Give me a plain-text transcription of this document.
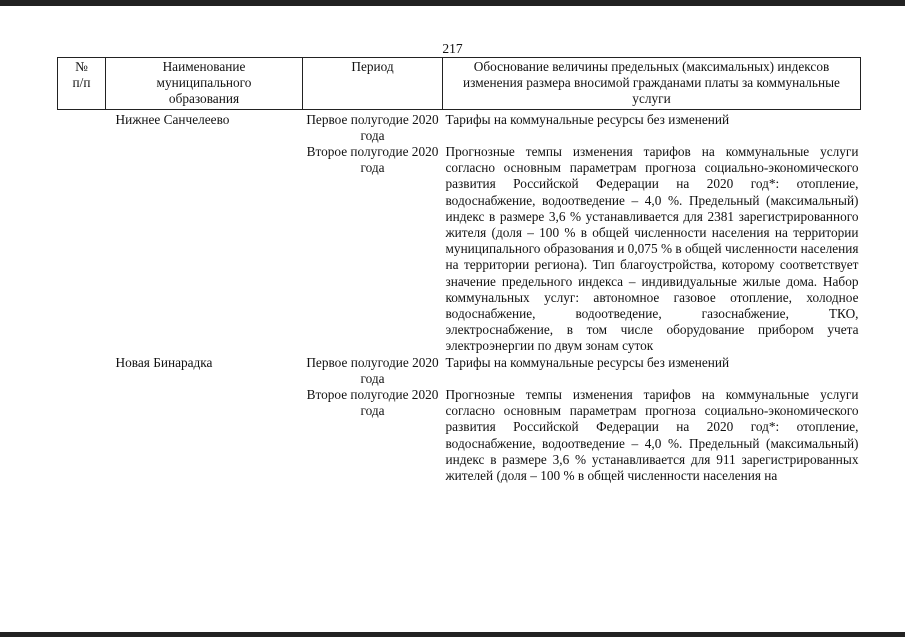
217
№ п/п	Наименование муниципального образования	Период	Обоснование величины предельных (максимальных) индексов изменения размера вносимой гражданами платы за коммунальные услуги

	Нижнее Санчелеево	Первое полугодие 2020 года	Тарифы на коммунальные ресурсы без изменений
		Второе полугодие 2020 года	Прогнозные темпы изменения тарифов на коммунальные услуги согласно основным параметрам прогноза социально-экономического развития Российской Федерации на 2020 год*: отопление, водоснабжение, водоотведение – 4,0 %. Предельный (максимальный) индекс в размере 3,6 % устанавливается для 2381 зарегистрированного жителя (доля – 100 % в общей численности населения на территории муниципального образования и 0,075 % в общей численности населения на территории региона). Тип благоустройства, которому соответствует значение предельного индекса – индивидуальные жилые дома. Набор коммунальных услуг: автономное газовое отопление, холодное водоснабжение, водоотведение, газоснабжение, ТКО, электроснабжение, в том числе оборудование прибором учета электроэнергии по двум зонам суток
	Новая Бинарадка	Первое полугодие 2020 года	Тарифы на коммунальные ресурсы без изменений
		Второе полугодие 2020 года	Прогнозные темпы изменения тарифов на коммунальные услуги согласно основным параметрам прогноза социально-экономического развития Российской Федерации на 2020 год*: отопление, водоснабжение, водоотведение – 4,0 %. Предельный (максимальный) индекс в размере 3,6 % устанавливается для 911 зарегистрированных жителей (доля – 100 % в общей численности населения на
